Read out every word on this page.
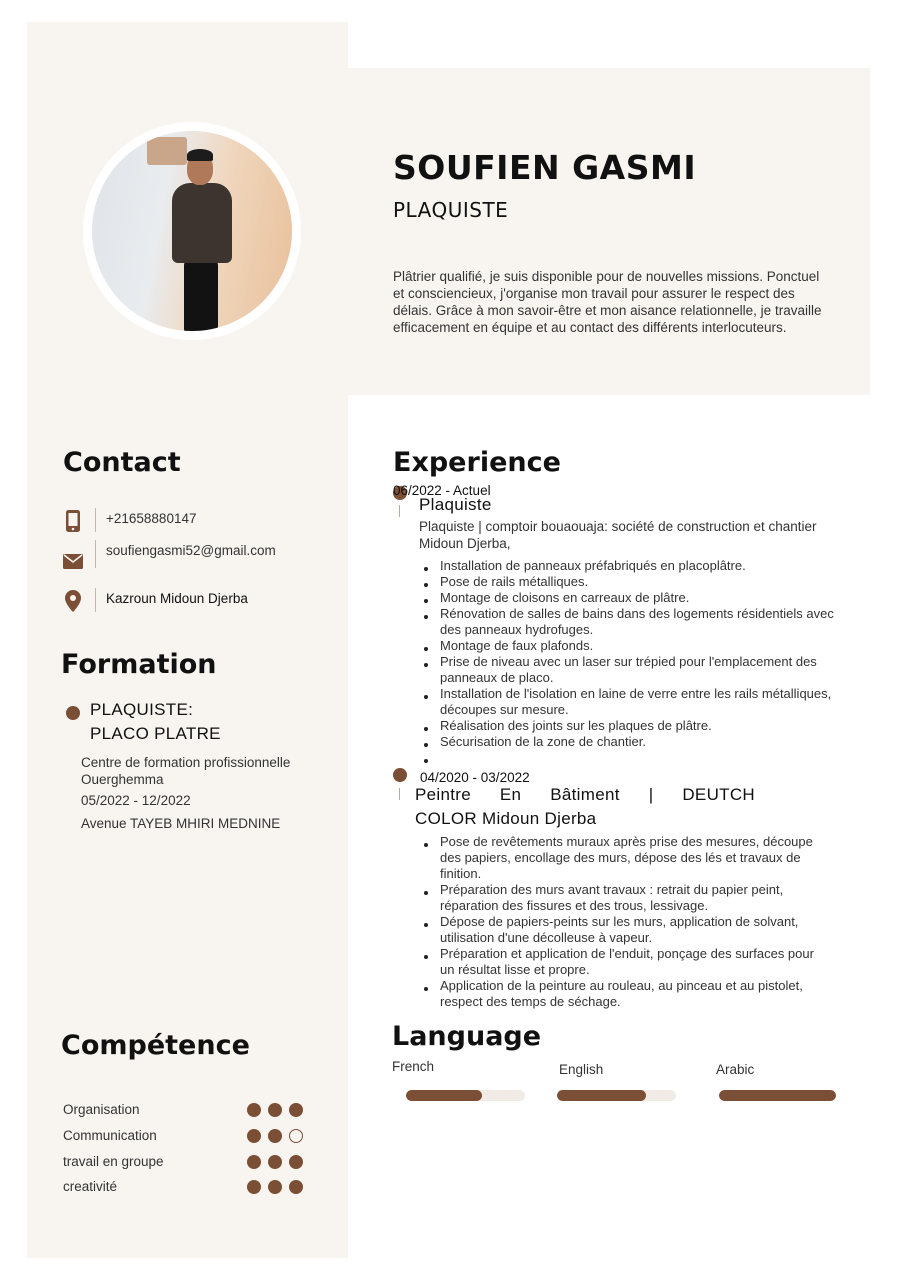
SOUFIEN GASMI
PLAQUISTE
Plâtrier qualifié, je suis disponible pour de nouvelles missions. Ponctuel et consciencieux, j'organise mon travail pour assurer le respect des délais. Grâce à mon savoir-être et mon aisance relationnelle, je travaille efficacement en équipe et au contact des différents interlocuteurs.
Contact
+21658880147
soufiengasmi52@gmail.com
Kazroun Midoun Djerba
Formation
PLAQUISTE:
PLACO PLATRE
Centre de formation profissionnelle Ouerghemma
05/2022 - 12/2022
Avenue TAYEB MHIRI MEDNINE
Compétence
Organisation
Communication
travail en groupe
creativité
Experience
06/2022 - Actuel
Plaquiste
Plaquiste | comptoir bouaouaja: société de construction et chantier Midoun Djerba,
Installation de panneaux préfabriqués en placoplâtre.
Pose de rails métalliques.
Montage de cloisons en carreaux de plâtre.
Rénovation de salles de bains dans des logements résidentiels avec des panneaux hydrofuges.
Montage de faux plafonds.
Prise de niveau avec un laser sur trépied pour l'emplacement des panneaux de placo.
Installation de l'isolation en laine de verre entre les rails métalliques, découpes sur mesure.
Réalisation des joints sur les plaques de plâtre.
Sécurisation de la zone de chantier.
04/2020 - 03/2022
Peintre En Bâtiment | DEUTCH
COLOR Midoun Djerba
Pose de revêtements muraux après prise des mesures, découpe des papiers, encollage des murs, dépose des lés et travaux de finition.
Préparation des murs avant travaux : retrait du papier peint, réparation des fissures et des trous, lessivage.
Dépose de papiers-peints sur les murs, application de solvant, utilisation d'une décolleuse à vapeur.
Préparation et application de l'enduit, ponçage des surfaces pour un résultat lisse et propre.
Application de la peinture au rouleau, au pinceau et au pistolet, respect des temps de séchage.
Language
French	English	Arabic
